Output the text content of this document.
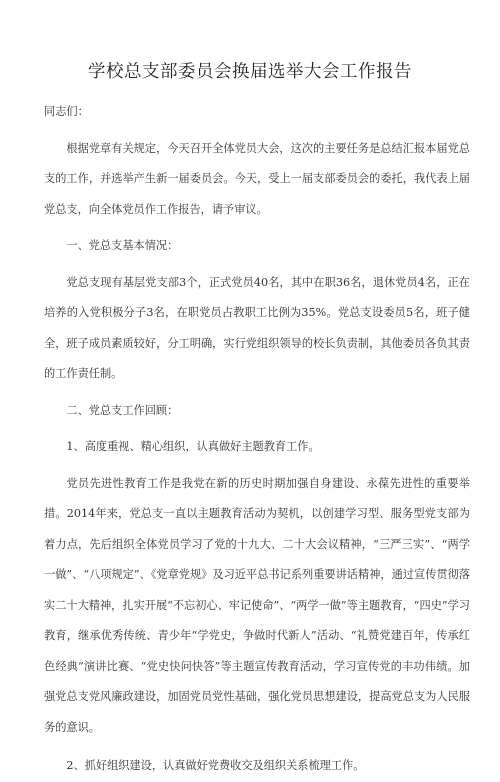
学校总支部委员会换届选举大会工作报告

同志们：

根据党章有关规定，今天召开全体党员大会，这次的主要任务是总结汇报本届党总支的工作，并选举产生新一届委员会。今天，受上一届支部委员会的委托，我代表上届党总支，向全体党员作工作报告，请予审议。

一、党总支基本情况：

党总支现有基层党支部3个，正式党员40名，其中在职36名，退休党员4名，正在培养的入党积极分子3名，在职党员占教职工比例为35%。党总支设委员5名，班子健全，班子成员素质较好，分工明确，实行党组织领导的校长负责制，其他委员各负其责的工作责任制。

二、党总支工作回顾：

1、高度重视、精心组织，认真做好主题教育工作。

党员先进性教育工作是我党在新的历史时期加强自身建设、永葆先进性的重要举措。2014年来，党总支一直以主题教育活动为契机，以创建学习型、服务型党支部为着力点，先后组织全体党员学习了党的十九大、二十大会议精神，“三严三实”、“两学一做”、“八项规定”、《党章党规》及习近平总书记系列重要讲话精神，通过宣传贯彻落实二十大精神，扎实开展“不忘初心、牢记使命”、“两学一做”等主题教育，“四史”学习教育，继承优秀传统、青少年“学党史，争做时代新人”活动、“礼赞党建百年，传承红色经典”演讲比赛、“党史快问快答”等主题宣传教育活动，学习宣传党的丰功伟绩。加强党总支党风廉政建设，加固党员党性基础，强化党员思想建设，提高党总支为人民服务的意识。

2、抓好组织建设，认真做好党费收交及组织关系梳理工作。
